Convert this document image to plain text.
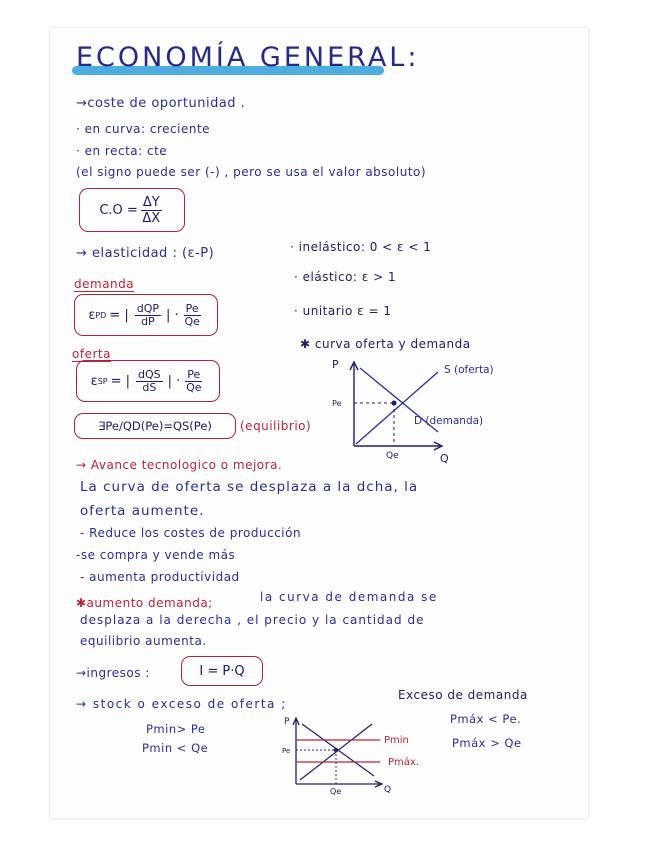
ECONOMÍA GENERAL:
→coste de oportunidad .
· en curva: creciente
· en recta: cte
(el signo puede ser (-) , pero se usa el valor absoluto)
$C.O = \frac{\Delta Y}{\Delta X}$
→ elasticidad : (ε-P)	· inelástico: 0 < ε < 1
· elástico: ε > 1
· unitario ε = 1
demanda
ε PD = | $\frac{\text{dQP}}{dP}$ | · $\frac{Pe}{Qe}$
oferta
ε SP = | $\frac{\text{dQS}}{dS}$ | · $\frac{Pe}{Qe}$
✱ curva oferta y demanda
∃Pe/QD(Pe)=QS(Pe)	(equilibrio)
P
Q
Pe
Qe
S (oferta)
D (demanda)
→ Avance tecnologico o mejora.
La curva de oferta se desplaza a la dcha, la
oferta aumente.
- Reduce los costes de producción
-se compra y vende más
- aumenta productividad
✱aumento demanda;	la curva de demanda se
desplaza a la derecha , el precio y la cantidad de
equilibrio aumenta.
→ingresos :	I = P·Q
→ stock o exceso de oferta ;
Exceso de demanda
Pmin> Pe
Pmin < Qe
Pmáx < Pe.
Pmáx > Qe
P
Q
Pe
Qe
Pmin
Pmáx.
